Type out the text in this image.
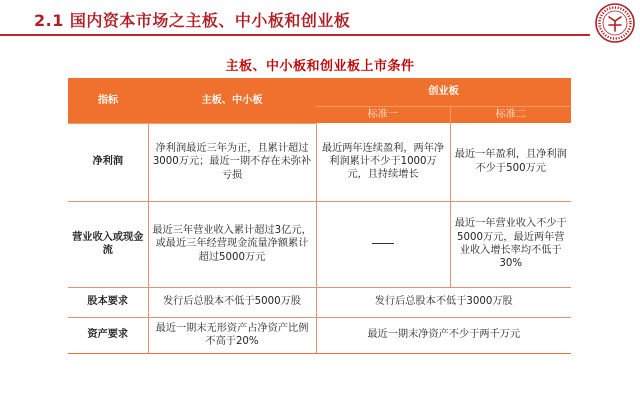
2.1 国内资本市场之主板、中小板和创业板
主板、中小板和创业板上市条件
指标	主板、中小板	创业板	
		标准一	标准二
净利润	净利润最近三年为正，且累计超过3000万元；最近一期不存在未弥补亏损	最近两年连续盈利，两年净利润累计不少于1000万元，且持续增长	最近一年盈利，且净利润不少于500万元
营业收入或现金流	最近三年营业收入累计超过3亿元，或最近三年经营现金流量净额累计超过5000万元		最近一年营业收入不少于5000万元，最近两年营业收入增长率均不低于30%
股本要求	发行后总股本不低于5000万股	发行后总股本不低于3000万股	
资产要求	最近一期末无形资产占净资产比例不高于20%	最近一期末净资产不少于两千万元	
